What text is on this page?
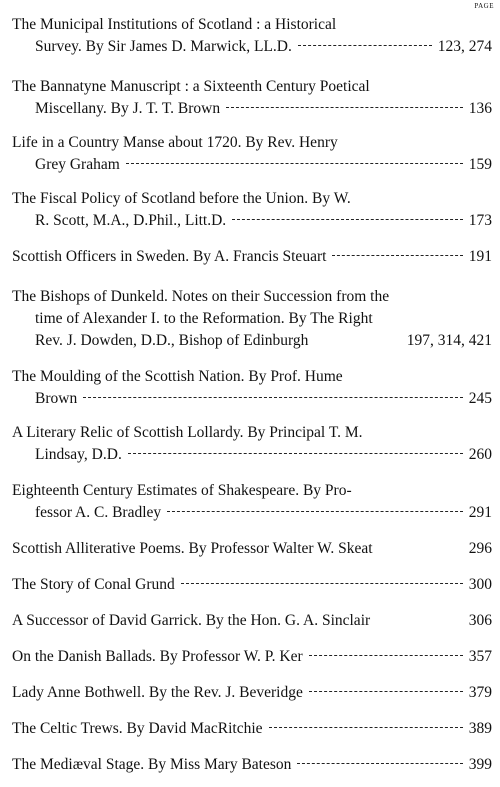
PAGE
The Municipal Institutions of Scotland : a Historical
Survey. By Sir James D. Marwick, LL.D.	123, 274
The Bannatyne Manuscript : a Sixteenth Century Poetical
Miscellany. By J. T. T. Brown	136
Life in a Country Manse about 1720. By Rev. Henry
Grey Graham	159
The Fiscal Policy of Scotland before the Union. By W.
R. Scott, M.A., D.Phil., Litt.D.	173
Scottish Officers in Sweden. By A. Francis Steuart	191
The Bishops of Dunkeld. Notes on their Succession from the
time of Alexander I. to the Reformation. By The Right
Rev. J. Dowden, D.D., Bishop of Edinburgh	197, 314, 421
The Moulding of the Scottish Nation. By Prof. Hume
Brown	245
A Literary Relic of Scottish Lollardy. By Principal T. M.
Lindsay, D.D.	260
Eighteenth Century Estimates of Shakespeare. By Pro-
fessor A. C. Bradley	291
Scottish Alliterative Poems. By Professor Walter W. Skeat	296
The Story of Conal Grund	300
A Successor of David Garrick. By the Hon. G. A. Sinclair	306
On the Danish Ballads. By Professor W. P. Ker	357
Lady Anne Bothwell. By the Rev. J. Beveridge	379
The Celtic Trews. By David MacRitchie	389
The Mediæval Stage. By Miss Mary Bateson	399
